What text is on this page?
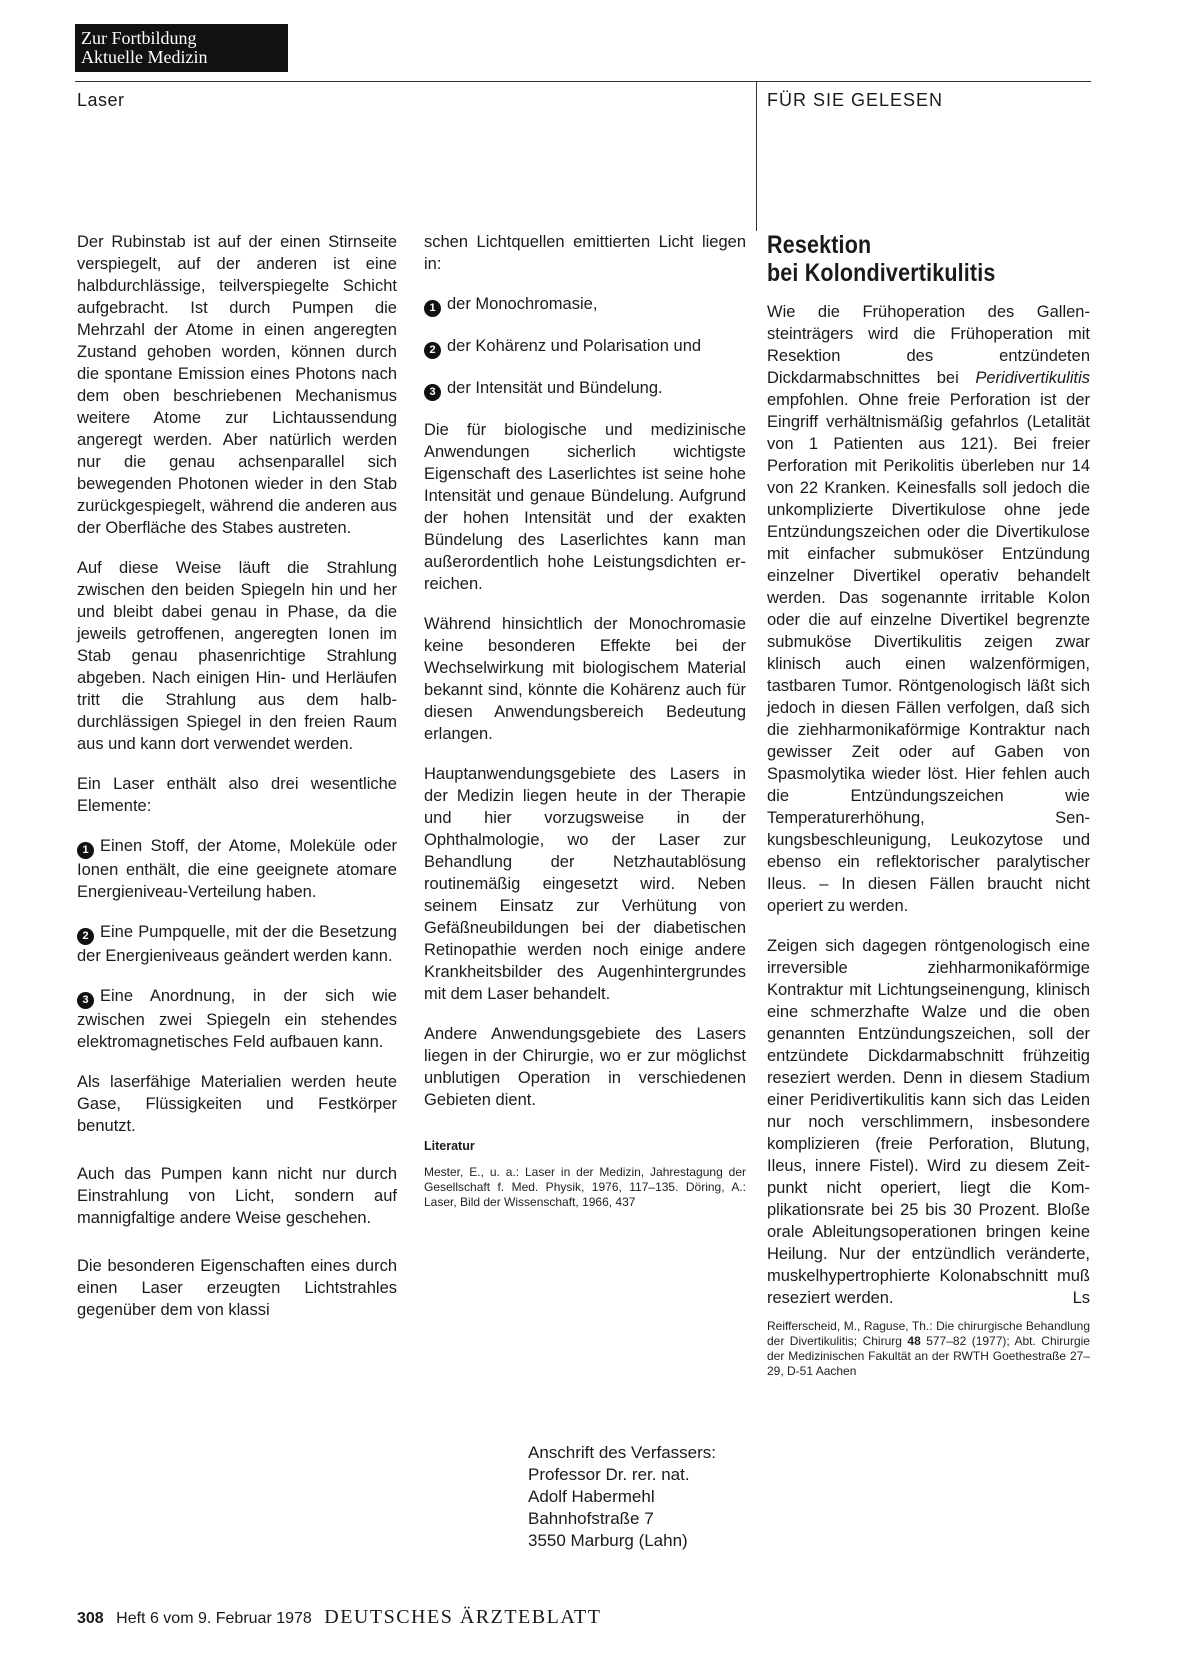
Zur Fortbildung
Aktuelle Medizin
Laser	FÜR SIE GELESEN

Der Rubinstab ist auf der einen Stirnseite verspiegelt, auf der anderen ist eine halbdurchlässige, teilverspiegelte Schicht aufgebracht. Ist durch Pumpen die Mehrzahl der Atome in einen angeregten Zustand gehoben worden, können durch die spontane Emission eines Photons nach dem oben beschriebenen Mechanismus weitere Atome zur Lichtaussendung angeregt werden. Aber natürlich werden nur die genau achsenparallel sich bewegenden Photonen wieder in den Stab zurückgespiegelt, während die anderen aus der Oberfläche des Stabes austreten.

Auf diese Weise läuft die Strahlung zwischen den beiden Spiegeln hin und her und bleibt dabei genau in Phase, da die jeweils getroffenen, angeregten Ionen im Stab genau phasenrichtige Strahlung abgeben. Nach einigen Hin- und Herläufen tritt die Strahlung aus dem halbdurchlässigen Spiegel in den freien Raum aus und kann dort verwendet werden.

Ein Laser enthält also drei wesentliche Elemente:

1 Einen Stoff, der Atome, Moleküle oder Ionen enthält, die eine geeignete atomare Energieniveau-Verteilung haben.

2 Eine Pumpquelle, mit der die Besetzung der Energieniveaus geändert werden kann.

3 Eine Anordnung, in der sich wie zwischen zwei Spiegeln ein stehendes elektromagnetisches Feld aufbauen kann.

Als laserfähige Materialien werden heute Gase, Flüssigkeiten und Festkörper benutzt.

Auch das Pumpen kann nicht nur durch Einstrahlung von Licht, sondern auf mannigfaltige andere Weise geschehen.

Die besonderen Eigenschaften eines durch einen Laser erzeugten Lichtstrahles gegenüber dem von klassi

schen Lichtquellen emittierten Licht liegen in:

1 der Monochromasie,

2 der Kohärenz und Polarisation und

3 der Intensität und Bündelung.

Die für biologische und medizinische Anwendungen sicherlich wichtigste Eigenschaft des Laserlichtes ist seine hohe Intensität und genaue Bündelung. Aufgrund der hohen Intensität und der exakten Bündelung des Laserlichtes kann man außerordentlich hohe Leistungsdichten erreichen.

Während hinsichtlich der Monochromasie keine besonderen Effekte bei der Wechselwirkung mit biologischem Material bekannt sind, könnte die Kohärenz auch für diesen Anwendungsbereich Bedeutung erlangen.

Hauptanwendungsgebiete des Lasers in der Medizin liegen heute in der Therapie und hier vorzugsweise in der Ophthalmologie, wo der Laser zur Behandlung der Netzhautablösung routinemäßig eingesetzt wird. Neben seinem Einsatz zur Verhütung von Gefäßneubildungen bei der diabetischen Retinopathie werden noch einige andere Krankheitsbilder des Augenhintergrundes mit dem Laser behandelt.

Andere Anwendungsgebiete des Lasers liegen in der Chirurgie, wo er zur möglichst unblutigen Operation in verschiedenen Gebieten dient.

Literatur

Mester, E., u. a.: Laser in der Medizin, Jahrestagung der Gesellschaft f. Med. Physik, 1976, 117–135. Döring, A.: Laser, Bild der Wissenschaft, 1966, 437

Anschrift des Verfassers:
Professor Dr. rer. nat.
Adolf Habermehl
Bahnhofstraße 7
3550 Marburg (Lahn)
Resektion
bei Kolondivertikulitis

Wie die Frühoperation des Gallensteinträgers wird die Frühoperation mit Resektion des entzündeten Dickdarmabschnittes bei Peridivertikulitis empfohlen. Ohne freie Perforation ist der Eingriff verhältnismäßig gefahrlos (Letalität von 1 Patienten aus 121). Bei freier Perforation mit Perikolitis überleben nur 14 von 22 Kranken. Keinesfalls soll jedoch die unkomplizierte Divertikulose ohne jede Entzündungszeichen oder die Divertikulose mit einfacher submuköser Entzündung einzelner Divertikel operativ behandelt werden. Das sogenannte irritable Kolon oder die auf einzelne Divertikel begrenzte submuköse Divertikulitis zeigen zwar klinisch auch einen walzenförmigen, tastbaren Tumor. Röntgenologisch läßt sich jedoch in diesen Fällen verfolgen, daß sich die ziehharmonikaförmige Kontraktur nach gewisser Zeit oder auf Gaben von Spasmolytika wieder löst. Hier fehlen auch die Entzündungszeichen wie Temperaturerhöhung, Senkungsbeschleunigung, Leukozytose und ebenso ein reflektorischer paralytischer Ileus. – In diesen Fällen braucht nicht operiert zu werden.

Zeigen sich dagegen röntgenologisch eine irreversible ziehharmonikaförmige Kontraktur mit Lichtungseinengung, klinisch eine schmerzhafte Walze und die oben genannten Entzündungszeichen, soll der entzündete Dickdarmabschnitt frühzeitig reseziert werden. Denn in diesem Stadium einer Peridivertikulitis kann sich das Leiden nur noch verschlimmern, insbesondere komplizieren (freie Perforation, Blutung, Ileus, innere Fistel). Wird zu diesem Zeitpunkt nicht operiert, liegt die Komplikationsrate bei 25 bis 30 Prozent. Bloße orale Ableitungsoperationen bringen keine Heilung. Nur der entzündlich veränderte, muskelhypertrophierte Kolonabschnitt muß reseziert werden.	Ls

Reifferscheid, M., Raguse, Th.: Die chirurgische Behandlung der Divertikulitis; Chirurg 48 577–82 (1977); Abt. Chirurgie der Medizinischen Fakultät an der RWTH Goethestraße 27–29, D-51 Aachen
308 Heft 6 vom 9. Februar 1978 DEUTSCHES ÄRZTEBLATT
